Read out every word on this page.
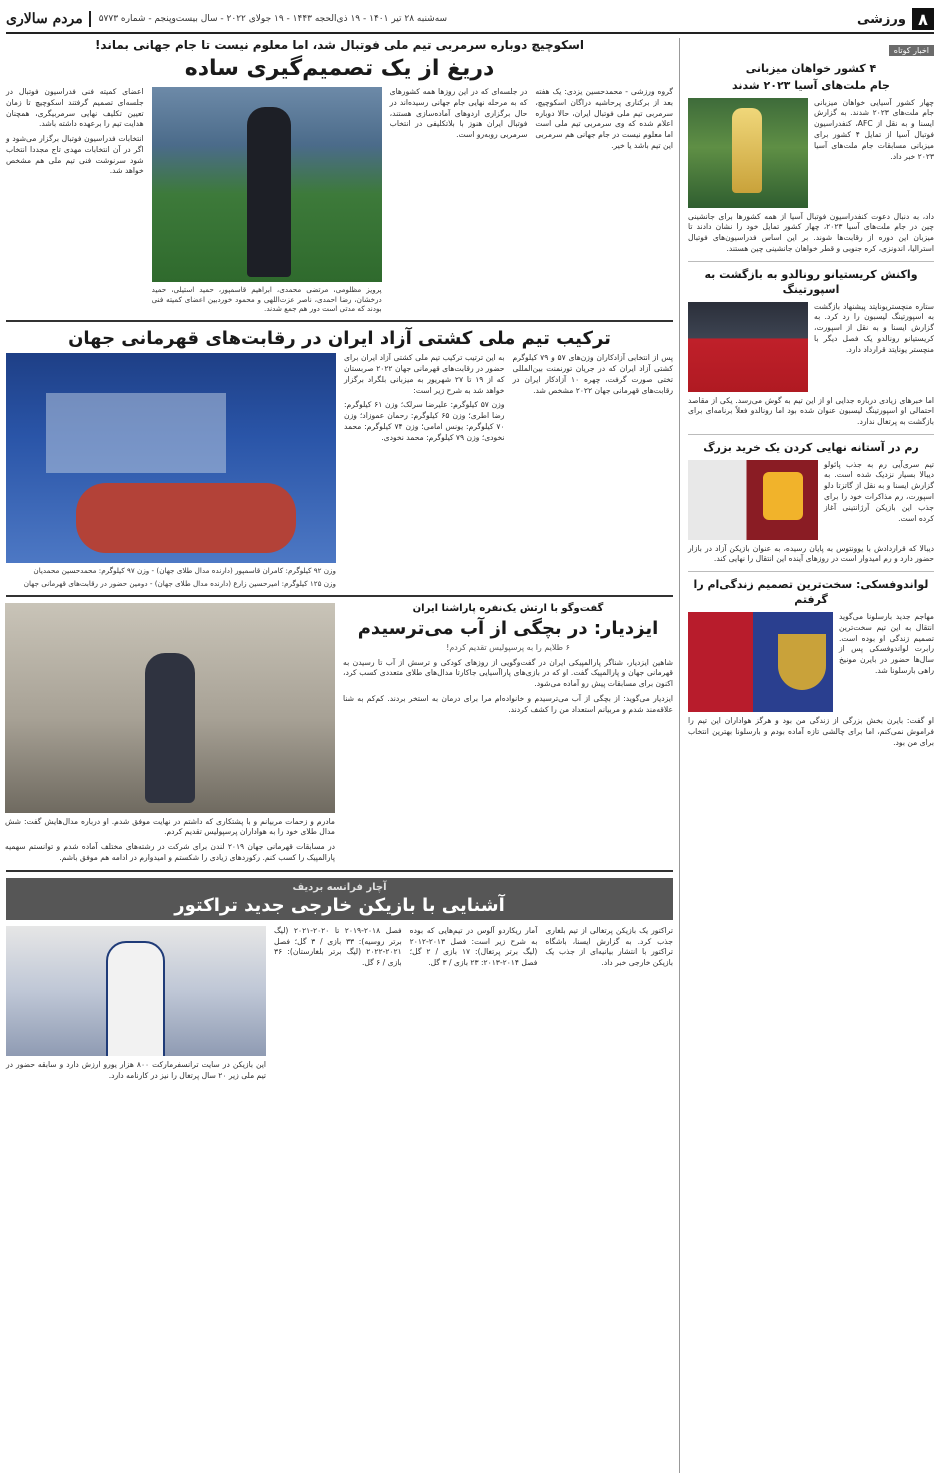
۸
ورزشی
سه‌شنبه ۲۸ تیر ۱۴۰۱ - ۱۹ ذی‌الحجه ۱۴۴۳ - ۱۹ جولای ۲۰۲۲ - سال بیست‌وپنجم - شماره ۵۷۷۳
مردم سالاری
اخبار کوتاه
۴ کشور خواهان میزبانی
جام ملت‌های آسیا ۲۰۲۳ شدند
چهار کشور آسیایی خواهان میزبانی جام ملت‌های ۲۰۲۳ شدند. به گزارش ایسنا و به نقل از AFC، کنفدراسیون فوتبال آسیا از تمایل ۴ کشور برای میزبانی مسابقات جام ملت‌های آسیا ۲۰۲۳ خبر داد.
داد، به دنبال دعوت کنفدراسیون فوتبال آسیا از همه کشورها برای جانشینی چین در جام ملت‌های آسیا ۲۰۲۳، چهار کشور تمایل خود را نشان دادند تا میزبان این دوره از رقابت‌ها شوند. بر این اساس فدراسیون‌های فوتبال استرالیا، اندونزی، کره جنوبی و قطر خواهان جانشینی چین هستند.
واکنش کریستیانو رونالدو به بازگشت به اسپورتینگ
ستاره منچستریونایتد پیشنهاد بازگشت به اسپورتینگ لیسبون را رد کرد. به گزارش ایسنا و به نقل از اسپورت، کریستیانو رونالدو یک فصل دیگر با منچستر یونایتد قرارداد دارد.
اما خبرهای زیادی درباره جدایی او از این تیم به گوش می‌رسد. یکی از مقاصد احتمالی او اسپورتینگ لیسبون عنوان شده بود اما رونالدو فعلاً برنامه‌ای برای بازگشت به پرتغال ندارد.
رم در آستانه نهایی کردن یک خرید بزرگ
تیم سری‌آیی رم به جذب پائولو دیبالا بسیار نزدیک شده است. به گزارش ایسنا و به نقل از گاتزتا دلو اسپورت، رم مذاکرات خود را برای جذب این بازیکن آرژانتینی آغاز کرده است.
دیبالا که قراردادش با یوونتوس به پایان رسیده، به عنوان بازیکن آزاد در بازار حضور دارد و رم امیدوار است در روزهای آینده این انتقال را نهایی کند.
لواندوفسکی: سخت‌ترین تصمیم زندگی‌ام را گرفتم
مهاجم جدید بارسلونا می‌گوید انتقال به این تیم سخت‌ترین تصمیم زندگی او بوده است. رابرت لواندوفسکی پس از سال‌ها حضور در بایرن مونیخ راهی بارسلونا شد.
او گفت: بایرن بخش بزرگی از زندگی من بود و هرگز هواداران این تیم را فراموش نمی‌کنم، اما برای چالشی تازه آماده بودم و بارسلونا بهترین انتخاب برای من بود.
اسکوچیچ دوباره سرمربی تیم ملی فوتبال شد، اما معلوم نیست تا جام جهانی بماند!
دریغ از یک تصمیم‌گیری ساده
گروه ورزشی - محمدحسین یزدی: یک هفته بعد از برکناری پرحاشیه دراگان اسکوچیچ، سرمربی تیم ملی فوتبال ایران، حالا دوباره اعلام شده که وی سرمربی تیم ملی است اما معلوم نیست در جام جهانی هم سرمربی این تیم باشد یا خیر.
در جلسه‌ای که در این روزها همه کشورهای که به مرحله نهایی جام جهانی رسیده‌اند در حال برگزاری اردوهای آماده‌سازی هستند، فوتبال ایران هنوز با بلاتکلیفی در انتخاب سرمربی روبه‌رو است.
پرویز مظلومی، مرتضی محمدی، ابراهیم قاسمپور، حمید استیلی، حمید درخشان، رضا احمدی، ناصر عزت‌اللهی و محمود خوردبین اعضای کمیته فنی بودند که مدتی است دور هم جمع شدند.
اعضای کمیته فنی فدراسیون فوتبال در جلسه‌ای تصمیم گرفتند اسکوچیچ تا زمان تعیین تکلیف نهایی سرمربیگری، همچنان هدایت تیم را برعهده داشته باشد.
انتخابات فدراسیون فوتبال برگزار می‌شود و اگر در آن انتخابات مهدی تاج مجددا انتخاب شود سرنوشت فنی تیم ملی هم مشخص خواهد شد.
ترکیب تیم ملی کشتی آزاد ایران در رقابت‌های قهرمانی جهان
پس از انتخابی آزادکاران وزن‌های ۵۷ و ۷۹ کیلوگرم کشتی آزاد ایران که در جریان تورنمنت بین‌المللی تختی صورت گرفت، چهره ۱۰ آزادکار ایران در رقابت‌های قهرمانی جهان ۲۰۲۲ مشخص شد.
به این ترتیب ترکیب تیم ملی کشتی آزاد ایران برای حضور در رقابت‌های قهرمانی جهان ۲۰۲۲ صربستان که از ۱۹ تا ۲۷ شهریور به میزبانی بلگراد برگزار خواهد شد به شرح زیر است:
وزن ۵۷ کیلوگرم: علیرضا سرلک؛ وزن ۶۱ کیلوگرم: رضا اطری؛ وزن ۶۵ کیلوگرم: رحمان عموزاد؛ وزن ۷۰ کیلوگرم: یونس امامی؛ وزن ۷۴ کیلوگرم: محمد نخودی؛ وزن ۷۹ کیلوگرم: محمد نخودی.
وزن ۹۲ کیلوگرم: کامران قاسمپور (دارنده مدال طلای جهان) - وزن ۹۷ کیلوگرم: محمدحسین محمدیان
وزن ۱۲۵ کیلوگرم: امیرحسین زارع (دارنده مدال طلای جهان) - دومین حضور در رقابت‌های قهرمانی جهان
گفت‌وگو با ارتش یک‌نفره پاراشنا ایران
ایزدیار: در بچگی از آب می‌ترسیدم
۶ طلایم را به پرسپولیس تقدیم کردم!
شاهین ایزدیار، شناگر پارالمپیکی ایران در گفت‌وگویی از روزهای کودکی و ترسش از آب تا رسیدن به قهرمانی جهان و پارالمپیک گفت. او که در بازی‌های پاراآسیایی جاکارتا مدال‌های طلای متعددی کسب کرد، اکنون برای مسابقات پیش رو آماده می‌شود.
ایزدیار می‌گوید: از بچگی از آب می‌ترسیدم و خانواده‌ام مرا برای درمان به استخر بردند. کم‌کم به شنا علاقه‌مند شدم و مربیانم استعداد من را کشف کردند.
مادرم و زحمات مربیانم و با پشتکاری که داشتم در نهایت موفق شدم. او درباره مدال‌هایش گفت: شش مدال طلای خود را به هواداران پرسپولیس تقدیم کردم.
در مسابقات قهرمانی جهان ۲۰۱۹ لندن برای شرکت در رشته‌های مختلف آماده شدم و توانستم سهمیه پارالمپیک را کسب کنم. رکوردهای زیادی را شکستم و امیدوارم در ادامه هم موفق باشم.
آچار فرانسه بردیف
آشنایی با بازیکن خارجی جدید تراکتور
تراکتور یک بازیکن پرتغالی از تیم بلغاری جذب کرد. به گزارش ایسنا، باشگاه تراکتور با انتشار بیانیه‌ای از جذب یک بازیکن خارجی خبر داد.
آمار ریکاردو آلوس در تیم‌هایی که بوده به شرح زیر است: فصل ۲۰۱۳-۲۰۱۲ (لیگ برتر پرتغال): ۱۷ بازی / ۲ گل؛ فصل ۲۰۱۴-۲۰۱۳: ۲۳ بازی / ۳ گل.
فصل ۲۰۱۸-۲۰۱۹ تا ۲۰۲۰-۲۰۲۱ (لیگ برتر روسیه): ۳۳ بازی / ۳ گل؛ فصل ۲۰۲۱-۲۰۲۲ (لیگ برتر بلغارستان): ۳۶ بازی / ۶ گل.
این بازیکن در سایت ترانسفرمارکت ۸۰۰ هزار یورو ارزش دارد و سابقه حضور در تیم ملی زیر ۲۰ سال پرتغال را نیز در کارنامه دارد.
